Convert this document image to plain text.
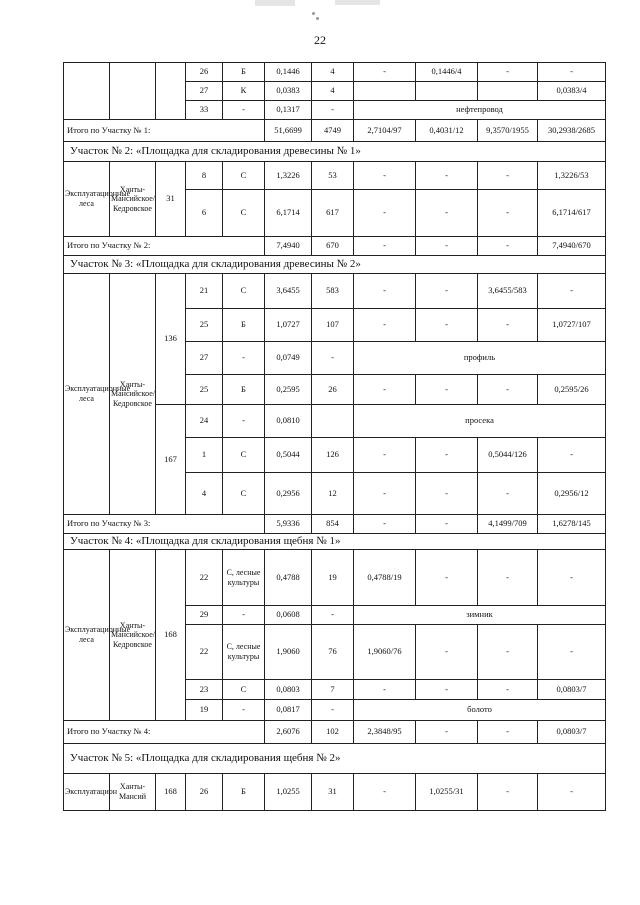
22
			26	Б	0,1446	4	-	0,1446/4	-	-
			27	К	0,0383	4				0,0383/4
			33	-	0,1317	-	нефтепровод			
Итого по Участку № 1:					51,6699	4749	2,7104/97	0,4031/12	9,3570/1955	30,2938/2685
Участок № 2: «Площадка для складирования древесины № 1»										
Эксплуатационные леса	Ханты-Мансийское/ Кедровское	31	8	С	1,3226	53	-	-	-	1,3226/53
			6	С	6,1714	617	-	-	-	6,1714/617
Итого по Участку № 2:					7,4940	670	-	-	-	7,4940/670
Участок № 3: «Площадка для складирования древесины № 2»										
Эксплуатационные леса	Ханты-Мансийское/ Кедровское	136	21	С	3,6455	583	-	-	3,6455/583	-
			25	Б	1,0727	107	-	-	-	1,0727/107
			27	-	0,0749	-	профиль			
			25	Б	0,2595	26	-	-	-	0,2595/26
		167	24	-	0,0810		просека			
			1	С	0,5044	126	-	-	0,5044/126	-
			4	С	0,2956	12	-	-	-	0,2956/12
Итого по Участку № 3:					5,9336	854	-	-	4,1499/709	1,6278/145
Участок № 4: «Площадка для складирования щебня № 1»										
Эксплуатационные леса	Ханты-Мансийское/ Кедровское	168	22	С, лесные культуры	0,4788	19	0,4788/19	-	-	-
			29	-	0,0608	-	зимник			
			22	С, лесные культуры	1,9060	76	1,9060/76	-	-	-
			23	С	0,0803	7	-	-	-	0,0803/7
			19	-	0,0817	-	болото			
Итого по Участку № 4:					2,6076	102	2,3848/95	-	-	0,0803/7
Участок № 5: «Площадка для складирования щебня № 2»										
Эксплуатацион	Ханты-Мансий	168	26	Б	1,0255	31	-	1,0255/31	-	-
